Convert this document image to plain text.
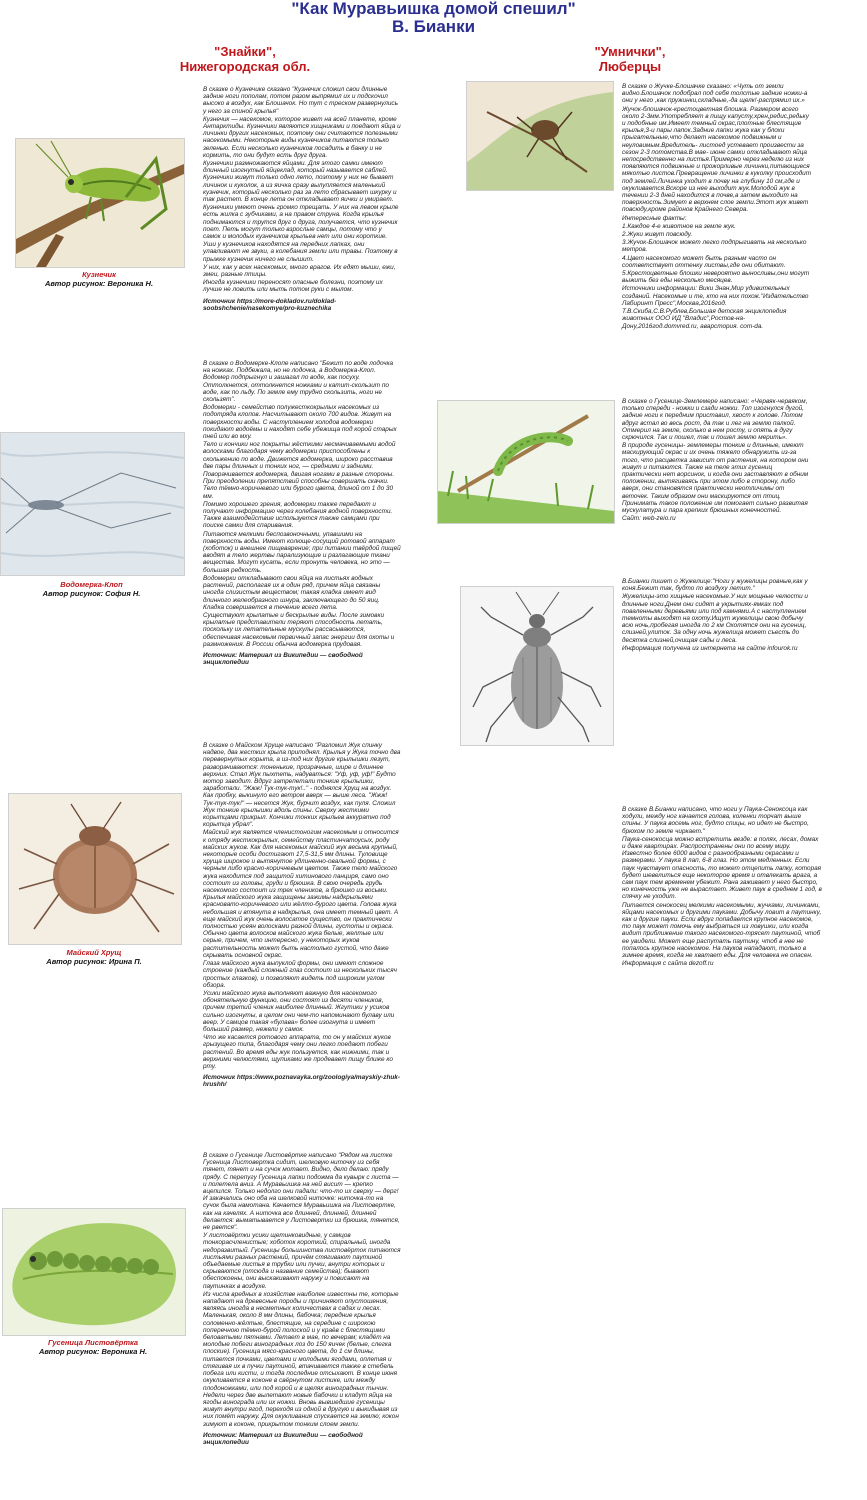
"Как Муравьишка домой спешил"
В. Бианки
"Знайки",
Нижегородская обл.
"Умнички",
Люберцы
Кузнечик
Автор рисунок: Вероника Н.

В сказке о Кузнечике сказано "Кузнечик сложил свои длинные задние ноги пополам, потом разом выпрямил их и подскочил высоко в воздух, как Блошачок. Но тут с треском развернулись у него за спиной крылья"

Кузнечик — насекомое, которое живет на всей планете, кроме Антарктиды. Кузнечики являются хищниками и поедают яйца и личинки других насекомых, поэтому они считаются полезными насекомыми. Некоторые виды кузнечиков питаются только зеленью. Если несколько кузнечиков посадить в банку и не кормить, то они будут есть друг друга.

Кузнечики размножаются яйцами. Для этого самки имеют длинный изогнутый яйцеклад, который называется саблей. Кузнечики живут только одно лето, поэтому у них не бывает личинок и куколок, а из яичка сразу вылупляется маленький кузнечик, который несколько раз за лето сбрасывает шкурку и так растет. В конце лета он откладывает яички и умирает.

Кузнечики умеют очень громко трещать. У них на левом крыле есть жилка с зубчиками, а на правом струна. Когда крылья поднимаются и трутся друг о друга, получается, что кузнечик поет. Петь могут только взрослые самцы, потому что у самок и молодых кузнечиков крыльев нет или они короткие.

Уши у кузнечиков находятся на передних лапках, они улавливают не звуки, а колебания земли или травы. Поэтому в прыжке кузнечик ничего не слышит.

У них, как у всех насекомых, много врагов. Их едят мыши, ежи, змеи, разные птицы.

Иногда кузнечики переносят опасные болезни, поэтому их лучше не ловить или мыть потом руки с мылом.

Источник https://more-dokladov.ru/doklad-soobshchenie/nasekomye/pro-kuznechika

Водомерка-Клоп
Автор рисунок: София Н.

В сказке о Водомерке-Клопе написано "Бежит по воде лодочка на ножках. Подбежала, но не лодочка, а Водомерка-Клоп. Водомер подпрыгнул и зашагал по воде, как посуху. Оттолкнется, оттолкнется ножками и катит-скользит по воде, как по льду. По земле ему трудно скользить, ноги не скользят".

Водомерки - семейство полужесткокрылых насекомых из подотряда клопов. Насчитывают около 700 видов. Живут на поверхности воды. С наступлением холодов водомерки покидают водоёмы и находят себе убежища под корой старых пней или во мху.

Тело и кончики ног покрыты жёсткими несмачиваемыми водой волосками благодаря чему водомерки приспособлены к скольжению по воде. Движется водомерка, широко расставив две пары длинных и тонких ног, — средними и задними.

Поворачивается водомерка, двигая ногами в разные стороны. При преодолении препятствий способны совершать скачки. Тело тёмно-коричневого или бурого цвета, длиной от 1 до 30 мм.

Помимо хорошего зрения, водомерки также передают и получают информацию через колебания водной поверхности. Также взаимодействие используется также самцами при поиске самки для спаривания.

Питаются мелкими беспозвоночными, упавшими на поверхность воды. Имеют колюще-сосущий ротовой аппарат (хоботок) и внешнее пищеварение; при питании твёрдой пищей вводят в тело жертвы парализующие и разлагающие ткани вещества. Могут кусать, если тронуть человека, но это — большая редкость.

Водомерки откладывают свои яйца на листьях водных растений, располагая их в один ряд, причем яйца связаны иногда слизистым веществом; такая кладка имеет вид длинного желеобразного шнура, заключающего до 50 яиц. Кладка совершается в течение всего лета.

Существуют крылатые и бескрылые виды. После зимовки крылатые представители теряют способность летать, поскольку их летательные мускулы рассасываются, обеспечивая насекомым первичный запас энергии для охоты и размножения. В России обычна водомерка прудовая.

Источник: Материал из Википедии — свободной энциклопедии

Майский Хрущ
Автор рисунок: Ирина П.

В сказке о Майском Хруще написано "Разломил Жук спинку надвое, два жестких крыла приподнял. Крылья у Жука точно два перевернутых корыта, а из-под них другие крылышки лезут, разворачиваются: тоненькие, прозрачные, шире и длиннее верхних. Стал Жук пыхтеть, надуваться: "Уф, уф, уф!" Будто мотор заводит. Вдруг затрепетали тонкие крылышки, заработали. "Жжж! Тук-тук-тук!.." - поднялся Хрущ на воздух. Как пробку, выкинуло его ветром вверх — выше леса. "Жжж! Тук-тук-тук!" — несется Жук, бурчит воздух, как пуля. Сложил Жук тонкие крылышки вдоль спины. Сверху жесткими корытцами прикрыл. Кончики тонких крыльев аккуратно под корытца убрал".

Майский жук является членистоногим насекомым и относится к отряду жесткокрылых, семейству пластинчатоусых, роду майских жуков. Как для насекомых майский жук весьма крупный, некоторые особи достигают 17,5-31,5 мм длины. Туловище хруща широкое и вытянутое удлиненно-овальной формы, с черным либо красно-коричневым цветом. Также тело майского жука находится под защитой хитинового панциря, само оно состоит из головы, груди и брюшка. В свою очередь грудь насекомого состоит из трех члеников, а брюшко из восьми. Крылья майского жука защищены зажимы надкрыльями красновато-коричневого или жёлто-бурого цвета. Голова жука небольшая и втянута в надкрылья, она имеет темный цвет. А еще майский жук очень волосатое существо, он практически полностью усеян волосками разной длины, густоты и окраса. Обычно цвета волосков майского жука белые, желтые или серые, причем, что интересно, у некоторых жуков растительность может быть настолько густой, что даже скрывать основной окрас.

Глаза майского жука выпуклой формы, они имеют сложное строение (каждый сложный глаз состоит из нескольких тысяч простых глазков), и позволяют видеть под широким углом обзора.

Усики майского жука выполняют важную для насекомого обонятельную функцию, они состоят из десяти члеников, причем третий членик наиболее длинный. Жгутики у усиков сильно изогнуты, в целом они чем-то напоминают булаву или веер. У самцов такая «булава» более изогнута и имеет больший размер, нежели у самок.

Что же касается ротового аппарата, то он у майских жуков грызущего типа, благодаря чему они легко поедают побеги растений. Во время еды жук пользуется, как нижними, так и верхними челюстями, щупиками же продевает пищу ближе ко рту.

Источник https://www.poznavayka.org/zoologiya/mayskiy-zhuk-hrushh/

Гусеница Листовёртка
Автор рисунок: Вероника Н.

В сказке о Гусенице Листовёртке написано "Рядом на листке Гусеница Листовертка сидит, шелковую ниточку из себя тянет, тянет и на сучок мотает. Видно, дело делаю: пряду пряду. С перепугу Гусеница лапки подожма да кувырк с листа — и полетела вниз. А Муравьишка на ней висит — крепко вцепился. Только недолго они падали: что-то их сверху — дерг! И закачались оно оба на шелковой ниточке: ниточка-то на сучок была намотана. Качается Муравьишка на Листовертке, как на качелях. А ниточка все длинней, длинней, длинней делается: выматывается у Листовертки из брюшка, тянется, не рвется".

У листовёртки усики щетинковидные, у самцов тонкорасчленистые; хоботок короткий, спиральный, иногда недоразвитый. Гусеницы большинства листовёрток питаются листьями разных растений, причём стягивают паутиной объедаемые листья в трубки или пучки, внутри которых и скрываются (отсюда и название семейства); бывают обеспокоены, они выскакивают наружу и повисают на паутинках в воздухе.

Из числа вредных в хозяйстве наиболее известны те, которые нападают на древесные породы и причиняют опустошения, являясь иногда в несметных количествах в садах и лесах. Маленькая, около 8 мм длины, бабочка; передние крылья соломенно-жёлтые, блестящие, на середине с широкою поперечною тёмно-бурой полоской и у краёв с блестящими беловатыми пятнами. Летает в мае, по вечерам; кладёт на молодые побеги виноградных лоз до 150 яичек (белые, слегка плоские). Гусеница мясо-красного цвета, до 1 см длины, питается почками, цветами и молодыми ягодами, оплетая и стягивая их в пучки паутиной, втачивается также в стебель побега или кисти, и тогда последние отсыхают. В конце июня окукливается в коконе в свёрнутом листике, или между плодоножками, или под корой и в щелях виноградных тычин. Недели через две вылетают новые бабочки и кладут яйца на ягоды винограда или их ножки. Вновь вывшедшие гусеницы живут внутри ягод, переходя из одной в другую и выкидывая из них помёт наружу. Для окукливания спускается на землю; кокон зимуют в коконе, прикрытом тонким слоем земли.

Источник: Материал из Википедии — свободной энциклопедии

В сказке о Жучке-Блошачке сказано: «Чуть от земли видно.Блошачок подобрал под себя толстые задние ножки-а они у него ,как пружинки,складные,-да щелк!-распрямил их.»

Жучок-блошачок-крестоцветная блошка. Размером всего около 2-3мм.Употребляет в пищу капусту,хрен,редис,редьку и подобные им.Имеет темный окрас,плотные блестящие крылья,3-и пары лапок.Задние лапки жука как у блохи прыгательные,что делает насекомое подвижным и неуловимым.Вредитель- листоед устевает произвести за сезон 2-3 потомства.В мае- июне самки откладывают яйца непосредственно на листья.Примерно через неделю из них появляются подвижные и прожорливые личинки,питающиеся мякотью листов.Превращение личинки в куколку происходит под землей.Личинка уходит в почву на глубину 10 см,где и окукливается.Вскоре из нее выходит жук.Молодой жук в течении 2-3 дней находится в почве,а затем выходит на поверхность.Зимует в верхнем слое земли.Этот жук живет повсюду,кроме районов Крайнего Севера.

Интересные факты:

1.Каждое 4-е животное на земле жук.

2.Жуки живут повсюду.

3.Жучок-Блошачок может легко подпрыгивать на несколько метров.

4.Цвет насекомого может быть разным часто он соответствует оттенку листвы,где они обитают.

5.Крестоцветные блошки невероятно выносливы,они могут выжить без еды несколько месяцев.

Источники информации: Вики Знан,Мир удивительных созданий. Насекомые и те, кто на них похож."Издательство Лабиринт Пресс",Москва,2016год.

Т.В.Скиба,С.В.Рублев,Большая детская энциклопедия животных ООО ИД "Владис",Ростов-на-Дону,2016год.domvred.ru, аварстория. com-da.

В сказке о Гусенице-Землемере написано: «Червяк-червяком, только спереди - ножки и сзади ножки. Топ изогнулся дугой, задние ноги к передним приставил, хвост к голове. Потом вдруг встал во весь рост, да так и лег на землю палкой. Отмерил на земле, сколько в нем росту, и опять в дугу скрючился. Так и пошел, так и пошел землю мерить».

В природе гусеницы- землемеры тонкие и длинные, имеют маскирующий окрас и их очень тяжело обнаружить из-за того, что расцветка зависит от растения, на котором они живут и питаются. Также на теле этих гусениц практически нет ворсинок, и когда они заставляют в обним положении, вытягиваясь при этом либо в сторону, либо вверх, они становятся практически неотличимы от веточек. Таким образом они маскируются от птиц. Принимать такое положение им помогает сильно развитая мускулатура и пара крепких брюшных конечностей.

Сайт: web-zeio.ru

В.Бианки пишет о Жужелице:"Ноги у жужелицы ровные,как у коня.Бежит так, будто по воздуху летит."

Жужелицы-это хищные насекомые.У них мощные челюсти и длинные ноги.Днем они сидят в укрытиях-ямках под поваленными деревьями или под камнями.А с наступлением темноты выходят на охоту.Ищут жужелицы свою добычу всю ночь,пробегая иногда по 2 км Охотятся они на гусениц, слизней,улиток. За одну ночь жужелица может съесть до десятка слизней,очищая сады и леса.

Информация получена из интернета на сайте infourok.ru

В сказке В.Бианки написано, что ноги у Паука-Сеноксоца как ходули, между ног качается голова, коленки торчат выше спины. У паука восемь ног, будто спицы, но идет не быстро, брюхом по земле чиркает."

Паука-сенокосца можно встретить везде: в полях, лесах, домах и даже квартирах. Распространены они по всему миру. Известно более 6000 видов с разнообразными окрасами и размерами. У паука 8 лап, 6-8 глаз. Но этом медленных. Если паук чувствует опасность, то может отцепить лапку, которая будет шевелиться еще некоторое время и отвлекать врага, а сам паук тем временем убежит. Рана заживает у него быстро, но конечность уже не вырастает. Живет паук в среднем 1 год, в спячку не уходит.

Питается сенокосец мелкими насекомыми, жучками, личинками, яйцами насекомых и другими пауками. Добычу ловит в паутинку, как и другие пауки. Если вдруг попадается крупное насекомое, то паук может помочь ему выбраться из ловушки, или когда видит приближение такого насекомого-трясет паутиной, чтоб ее увидели. Может еще распутать паутину, чтоб в нее не попалось крупное насекомое. На пауков нападают, только в зимнее время, когда не хватает еды. Для человека не опасен.

Информация с сайта dezoff.ru
